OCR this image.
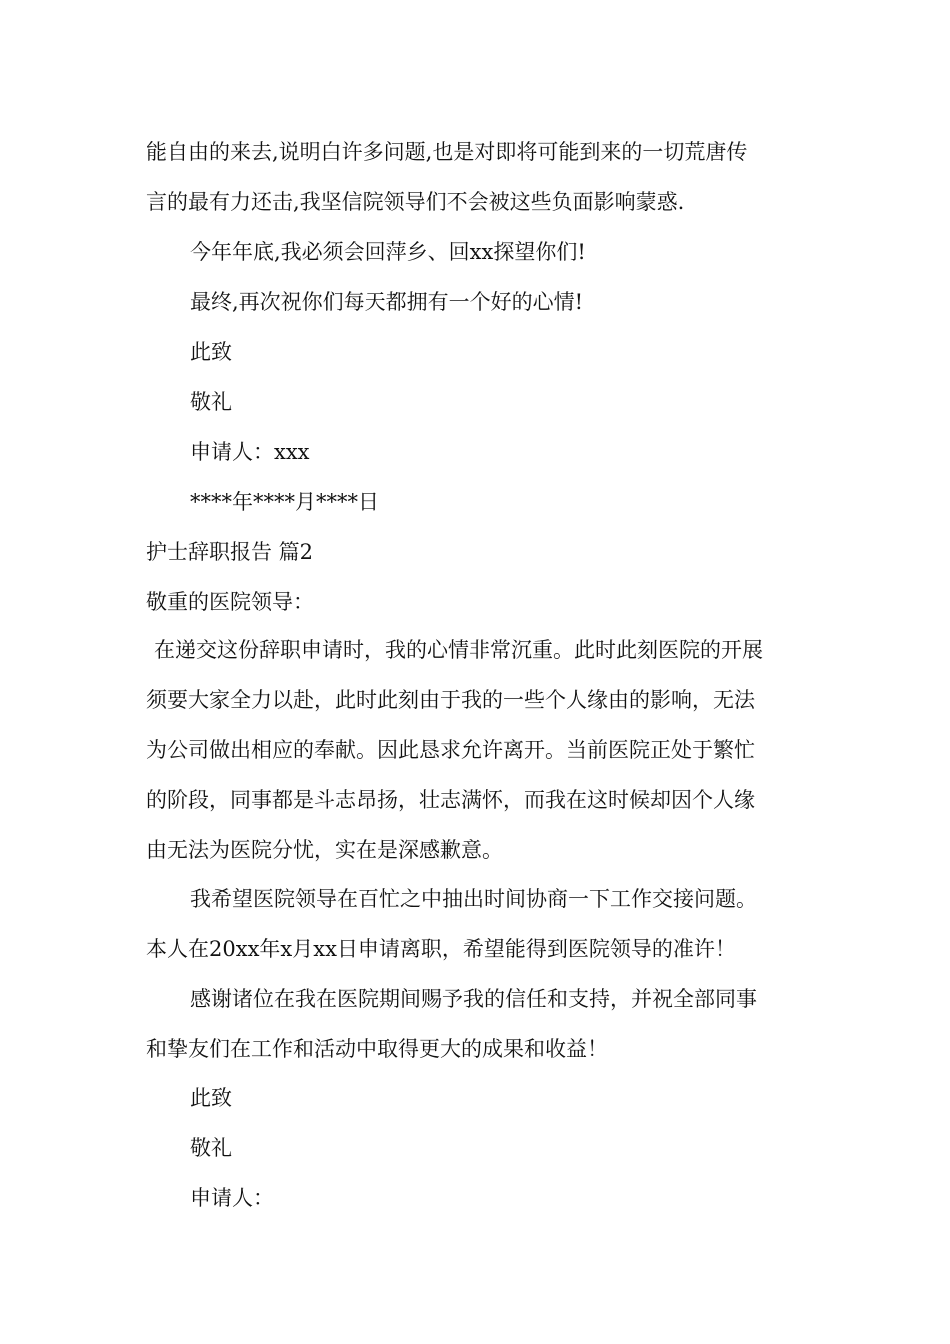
能自由的来去,说明白许多问题,也是对即将可能到来的一切荒唐传
言的最有力还击,我坚信院领导们不会被这些负面影响蒙惑.
今年年底,我必须会回萍乡、回xx探望你们!
最终,再次祝你们每天都拥有一个好的心情!
此致
敬礼
申请人：xxx
****年****月****日
护士辞职报告 篇2
敬重的医院领导：
在递交这份辞职申请时，我的心情非常沉重。此时此刻医院的开展
须要大家全力以赴，此时此刻由于我的一些个人缘由的影响，无法
为公司做出相应的奉献。因此恳求允许离开。当前医院正处于繁忙
的阶段，同事都是斗志昂扬，壮志满怀，而我在这时候却因个人缘
由无法为医院分忧，实在是深感歉意。
我希望医院领导在百忙之中抽出时间协商一下工作交接问题。
本人在20xx年x月xx日申请离职，希望能得到医院领导的准许！
感谢诸位在我在医院期间赐予我的信任和支持，并祝全部同事
和挚友们在工作和活动中取得更大的成果和收益！
此致
敬礼
申请人：
